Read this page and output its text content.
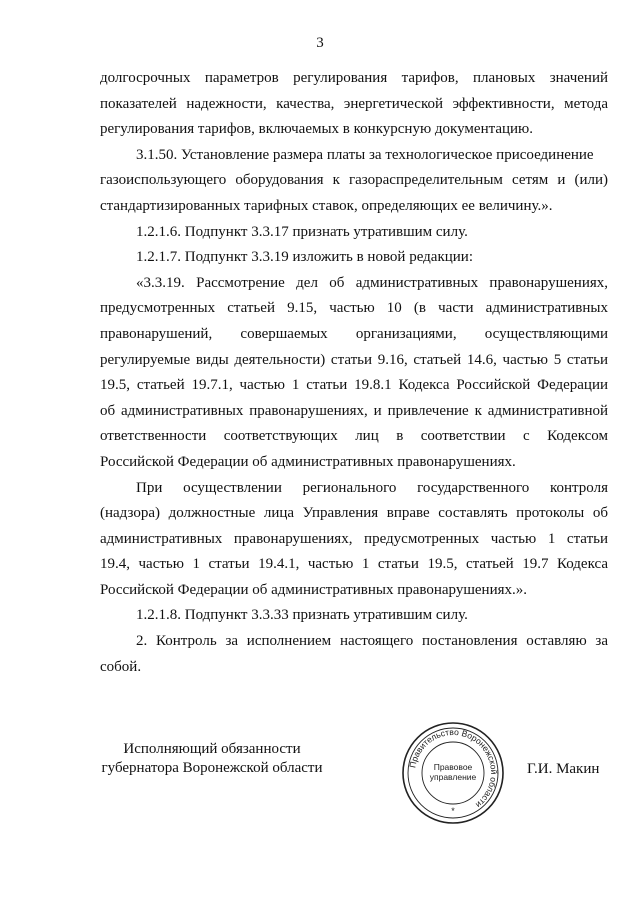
3
долгосрочных параметров регулирования тарифов, плановых значений
показателей надежности, качества, энергетической эффективности, метода
регулирования тарифов, включаемых в конкурсную документацию.
3.1.50. Установление размера платы за технологическое присоединение
газоиспользующего оборудования к газораспределительным сетям и (или)
стандартизированных тарифных ставок, определяющих ее величину.».
1.2.1.6. Подпункт 3.3.17 признать утратившим силу.
1.2.1.7. Подпункт 3.3.19 изложить в новой редакции:
«3.3.19. Рассмотрение дел об административных правонарушениях,
предусмотренных статьей 9.15, частью 10 (в части административных
правонарушений, совершаемых организациями, осуществляющими
регулируемые виды деятельности) статьи 9.16, статьей 14.6, частью 5 статьи
19.5, статьей 19.7.1, частью 1 статьи 19.8.1 Кодекса Российской Федерации
об административных правонарушениях, и привлечение к административной
ответственности соответствующих лиц в соответствии с Кодексом
Российской Федерации об административных правонарушениях.
При осуществлении регионального государственного контроля
(надзора) должностные лица Управления вправе составлять протоколы об
административных правонарушениях, предусмотренных частью 1 статьи
19.4, частью 1 статьи 19.4.1, частью 1 статьи 19.5, статьей 19.7 Кодекса
Российской Федерации об административных правонарушениях.».
1.2.1.8. Подпункт 3.3.33 признать утратившим силу.
2. Контроль за исполнением настоящего постановления оставляю за
собой.
Исполняющий обязанности
губернатора Воронежской области	Правительство Воронежской области
Правовое
управление
*
Г.И. Макин
